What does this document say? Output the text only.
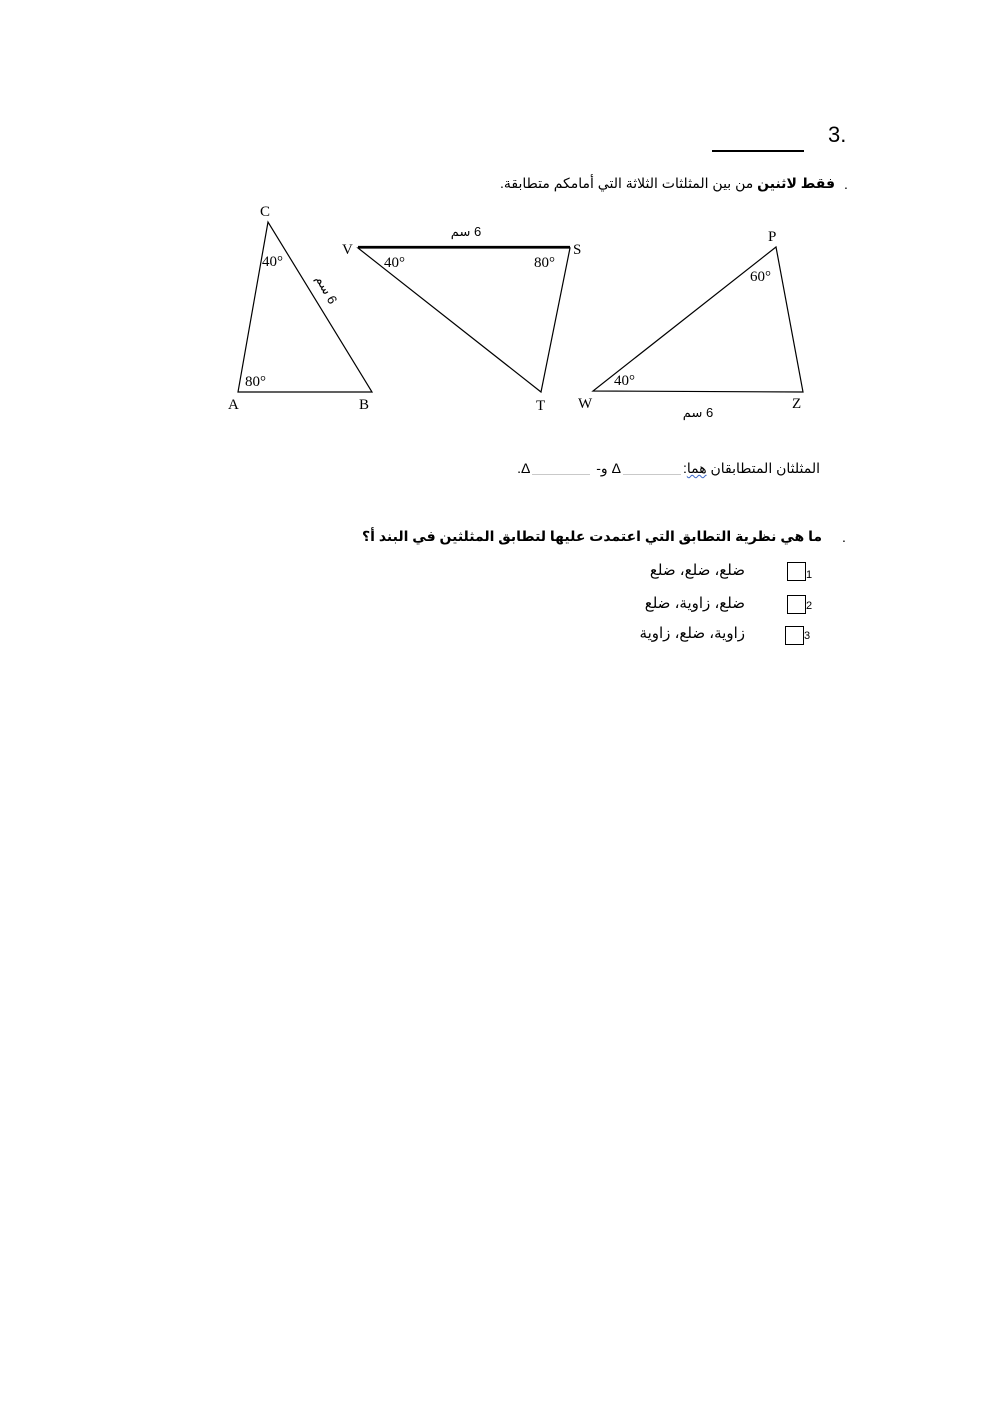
3.
.
فقط لاثنين من بين المثلثات الثلاثة التي أمامكم متطابقة.
C
A	B
40°
80°
6 سم
V	S
T
40°	80°
6 سم	P
W	Z
60°
40°
6 سم
المثلثان المتطابقان هما:Δ و- Δ.
.
ما هي نظرية التطابق التي اعتمدت عليها لتطابق المثلثين في البند أ؟
1
ضلع، ضلع، ضلع
2
ضلع، زاوية، ضلع
3
زاوية، ضلع، زاوية
